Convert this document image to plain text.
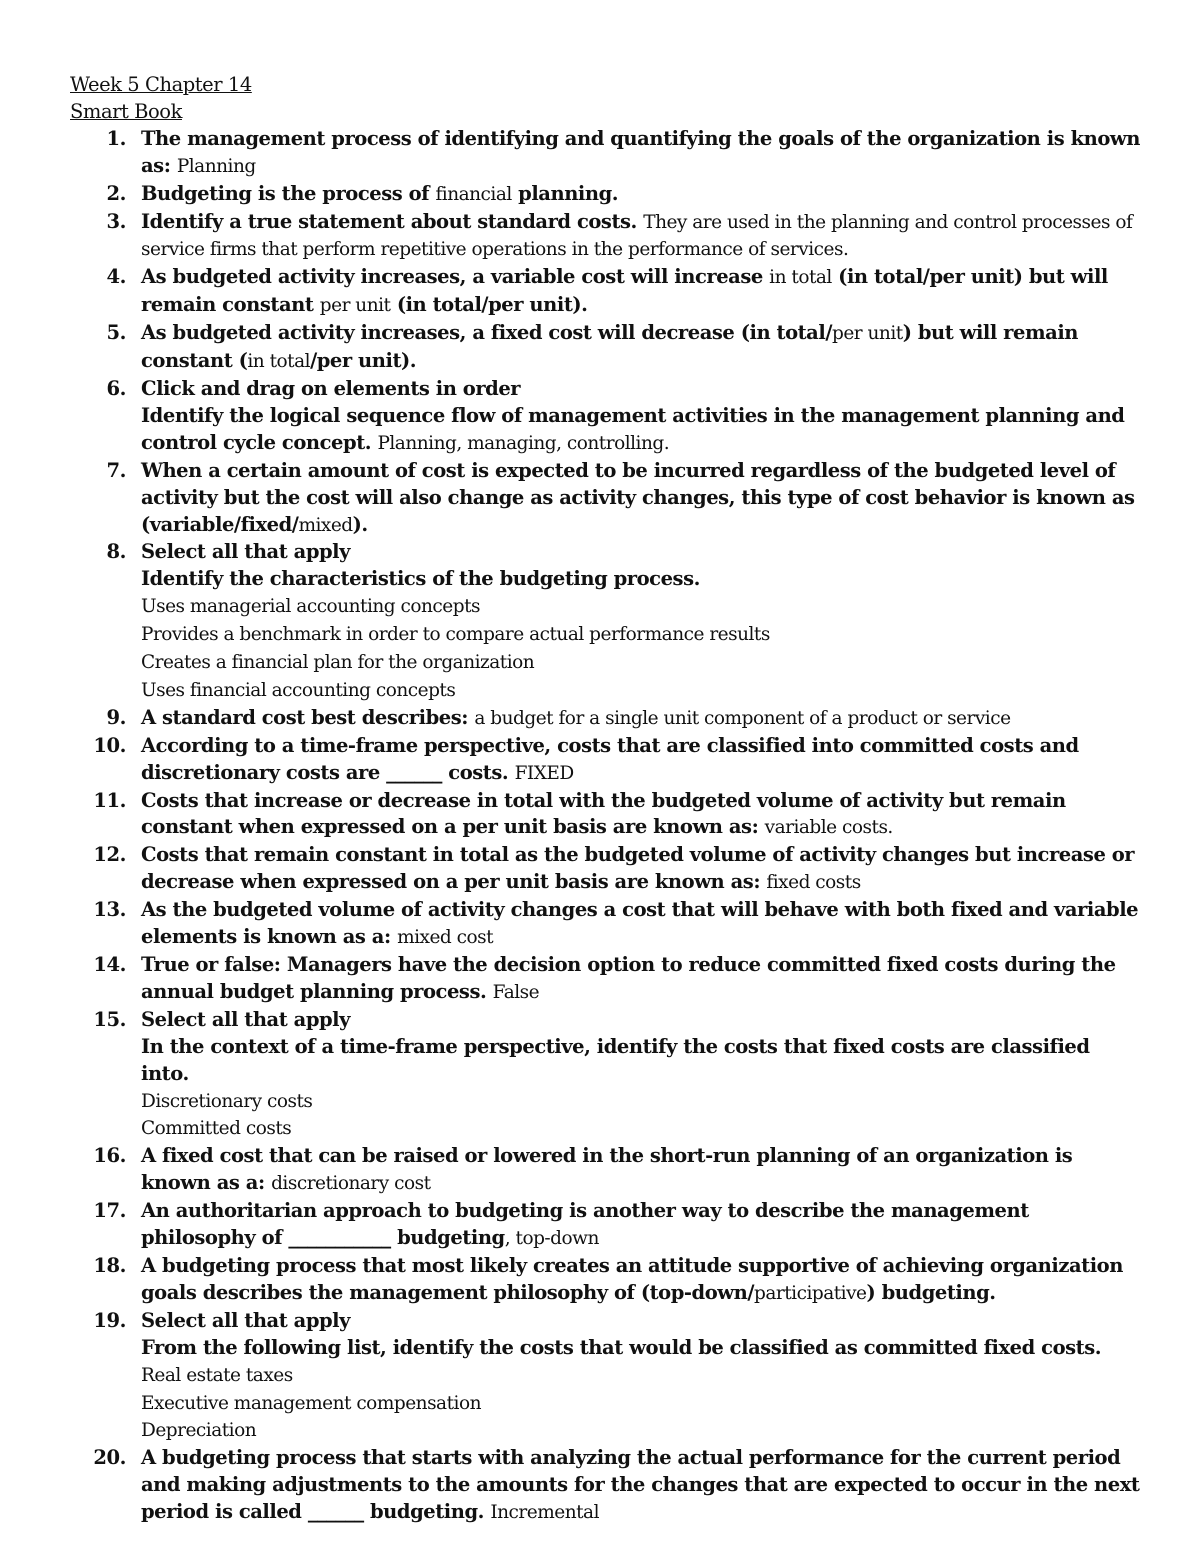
Week 5 Chapter 14
Smart Book
1. The management process of identifying and quantifying the goals of the organization is known as: Planning
2. Budgeting is the process of financial planning.
3. Identify a true statement about standard costs. They are used in the planning and control processes of service firms that perform repetitive operations in the performance of services.
4. As budgeted activity increases, a variable cost will increase in total (in total/per unit) but will remain constant per unit (in total/per unit).
5. As budgeted activity increases, a fixed cost will decrease (in total/per unit) but will remain constant (in total/per unit).
6. Click and drag on elements in order
Identify the logical sequence flow of management activities in the management planning and control cycle concept. Planning, managing, controlling.
7. When a certain amount of cost is expected to be incurred regardless of the budgeted level of activity but the cost will also change as activity changes, this type of cost behavior is known as (variable/fixed/mixed).
8. Select all that apply
Identify the characteristics of the budgeting process.
Uses managerial accounting concepts
Provides a benchmark in order to compare actual performance results
Creates a financial plan for the organization
Uses financial accounting concepts
9. A standard cost best describes: a budget for a single unit component of a product or service
10. According to a time-frame perspective, costs that are classified into committed costs and discretionary costs are ______ costs. FIXED
11. Costs that increase or decrease in total with the budgeted volume of activity but remain constant when expressed on a per unit basis are known as: variable costs.
12. Costs that remain constant in total as the budgeted volume of activity changes but increase or decrease when expressed on a per unit basis are known as: fixed costs
13. As the budgeted volume of activity changes a cost that will behave with both fixed and variable elements is known as a: mixed cost
14. True or false: Managers have the decision option to reduce committed fixed costs during the annual budget planning process. False
15. Select all that apply
In the context of a time-frame perspective, identify the costs that fixed costs are classified into.
Discretionary costs
Committed costs
16. A fixed cost that can be raised or lowered in the short-run planning of an organization is known as a: discretionary cost
17. An authoritarian approach to budgeting is another way to describe the management philosophy of ___________ budgeting, top-down
18. A budgeting process that most likely creates an attitude supportive of achieving organization goals describes the management philosophy of (top-down/participative) budgeting.
19. Select all that apply
From the following list, identify the costs that would be classified as committed fixed costs.
Real estate taxes
Executive management compensation
Depreciation
20. A budgeting process that starts with analyzing the actual performance for the current period and making adjustments to the amounts for the changes that are expected to occur in the next period is called ______ budgeting. Incremental
